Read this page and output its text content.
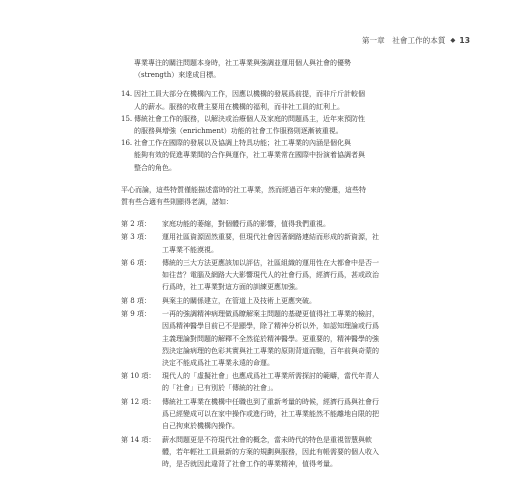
第一章　社會工作的本質 ◆ 13
專業專注的關注問題本身時，社工專業與強調並運用個人與社會的優勢
（strength）來達成目標。
14. 因社工員大部分在機構內工作，因應以機構的發展爲前提，而非斤斤計較個
人的薪水。服務的收費主要用在機構的福利，而非社工員的紅利上。
15. 傳統社會工作的服務，以解決或治療個人及家庭的問題爲主，近年來預防性
的服務與增強（enrichment）功能的社會工作服務則逐漸被重視。
16. 社會工作在國際的發展以及協調上特具功能；社工專業的內涵是個化與
能夠有效的促進專業間的合作與運作，社工專業常在國際中扮演着協調者與
整合的角色。
平心而論，這些特質僅能描述當時的社工專業，然而經過百年來的變遷，這些特
質有些合適有些則顯得老調，諸如：
第 2 項： 家庭功能的萎縮，對個體行爲的影響，值得我們重視。
第 3 項： 運用社區資源固然重要，但現代社會因著網路連結而形成的新資源，社
工專業不能漠視。
第 6 項： 傳統的三大方法更應該加以評估，社區組織的運用性在大都會中是否一
如往昔？電腦及網路大大影響現代人的社會行爲，經濟行爲，甚或政治
行爲時，社工專業對這方面的訓練更應加強。
第 8 項： 與案主的關係建立，在管道上及技術上更應突破。
第 9 項： 一再的強調精神病理做爲瞭解案主問題的基礎更值得社工專業的檢討，
因爲精神醫學目前已不是顯學，除了精神分析以外，如認知理論或行爲
主義理論對問題的解釋不全然從於精神醫學。更重要的，精神醫學的強
烈決定論病理的色彩其實與社工專業的原則背道而馳，百年前與奇蒙的
決定不能成爲社工專業永遠的命運。
第 10 項： 現代人的「虛擬社會」也應成爲社工專業所需探討的範疇，當代年青人
的「社會」已有別於「傳統的社會」。
第 12 項： 傳統社工專業在機構中任職也到了重新考量的時候，經濟行爲與社會行
爲已經變成可以在家中操作或進行時，社工專業能然不能離地自限的把
自己拘束於機構內操作。
第 14 項： 薪水問題更是不符現代社會的概念，當未時代的特色是重視智慧與軟
體，若年輕社工員最新的方案的規劃與服務，因此有帳需要的個人收入
時，是否就因此違背了社會工作的專業精神，值得考量。
